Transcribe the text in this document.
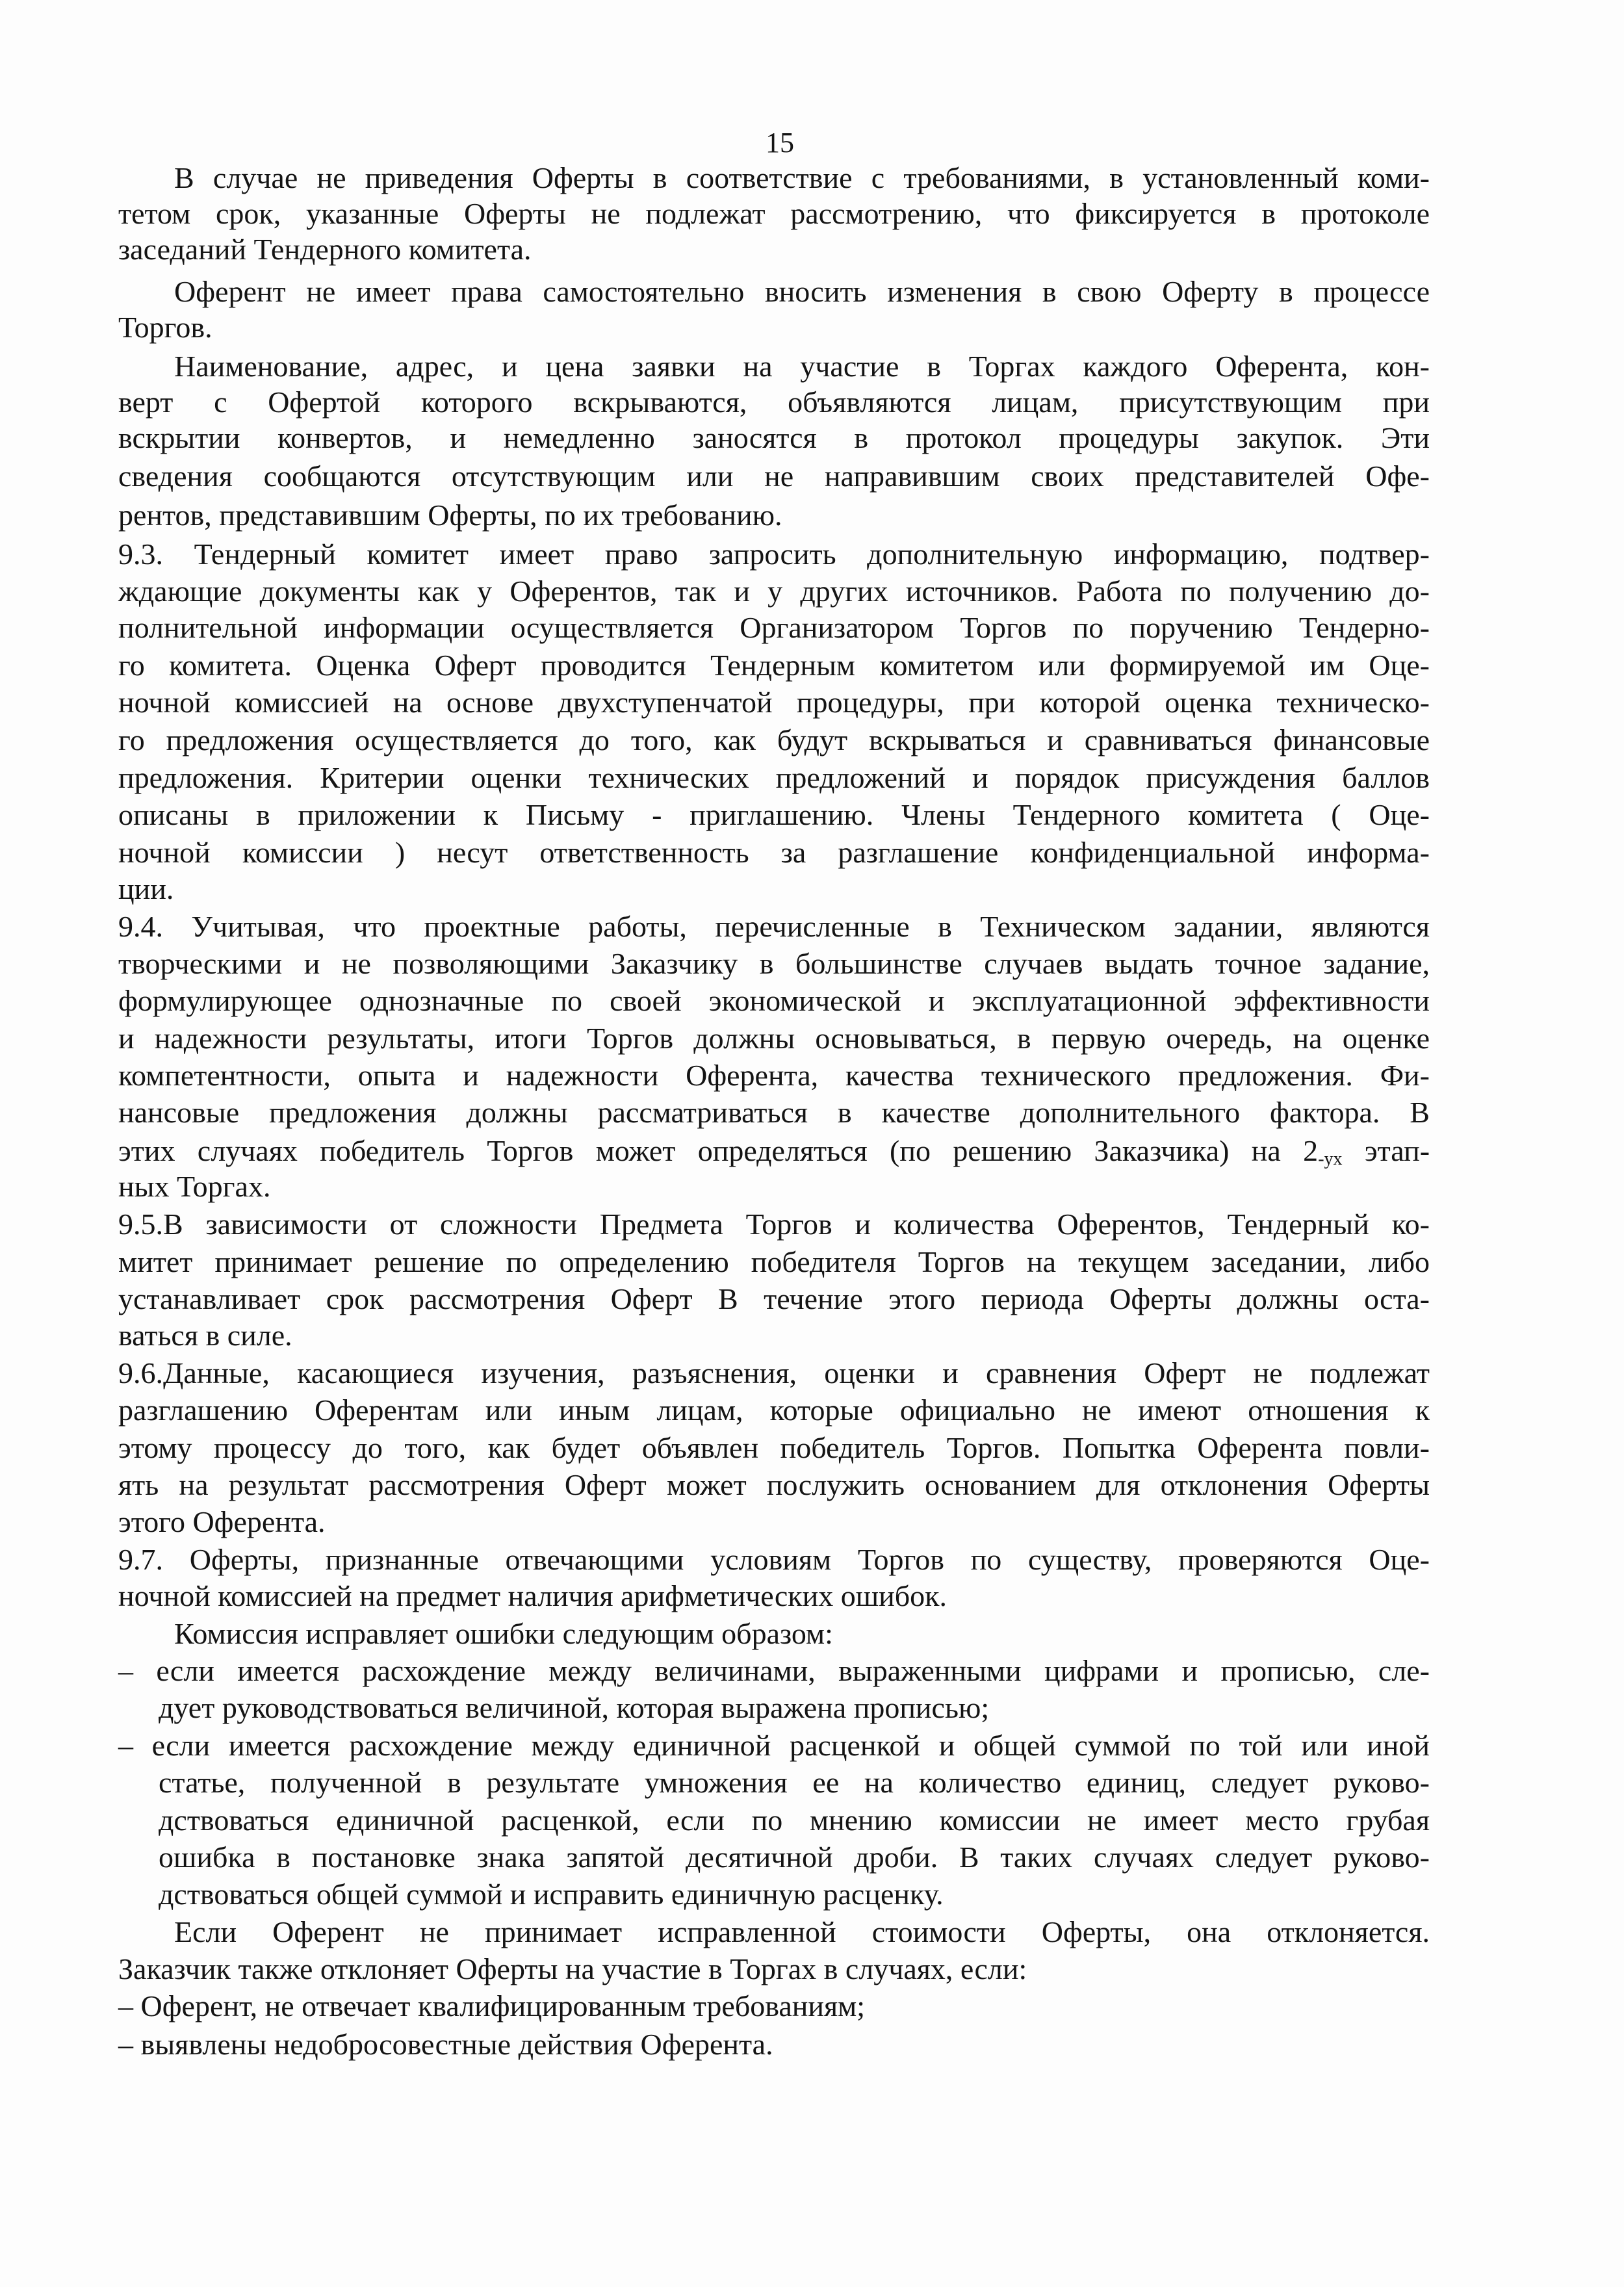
15
В случае не приведения Оферты в соответствие с требованиями, в установленный коми-
тетом срок, указанные Оферты не подлежат рассмотрению, что фиксируется в протоколе
заседаний Тендерного комитета.
Оферент не имеет права самостоятельно вносить изменения в свою Оферту в процессе
Торгов.
Наименование, адрес, и цена заявки на участие в Торгах каждого Оферента, кон-
верт с Офертой которого вскрываются, объявляются лицам, присутствующим при
вскрытии конвертов, и немедленно заносятся в протокол процедуры закупок. Эти
сведения сообщаются отсутствующим или не направившим своих представителей Офе-
рентов, представившим Оферты, по их требованию.
9.3. Тендерный комитет имеет право запросить дополнительную информацию, подтвер-
ждающие документы как у Оферентов, так и у других источников. Работа по получению до-
полнительной информации осуществляется Организатором Торгов по поручению Тендерно-
го комитета. Оценка Оферт проводится Тендерным комитетом или формируемой им Оце-
ночной комиссией на основе двухступенчатой процедуры, при которой оценка техническо-
го предложения осуществляется до того, как будут вскрываться и сравниваться финансовые
предложения. Критерии оценки технических предложений и порядок присуждения баллов
описаны в приложении к Письму - приглашению. Члены Тендерного комитета ( Оце-
ночной комиссии ) несут ответственность за разглашение конфиденциальной информа-
ции.
9.4. Учитывая, что проектные работы, перечисленные в Техническом задании, являются
творческими и не позволяющими Заказчику в большинстве случаев выдать точное задание,
формулирующее однозначные по своей экономической и эксплуатационной эффективности
и надежности результаты, итоги Торгов должны основываться, в первую очередь, на оценке
компетентности, опыта и надежности Оферента, качества технического предложения. Фи-
нансовые предложения должны рассматриваться в качестве дополнительного фактора. В
этих случаях победитель Торгов может определяться (по решению Заказчика) на $2_{-ух}$ этап-
ных Торгах.
9.5.В зависимости от сложности Предмета Торгов и количества Оферентов, Тендерный ко-
митет принимает решение по определению победителя Торгов на текущем заседании, либо
устанавливает срок рассмотрения Оферт В течение этого периода Оферты должны оста-
ваться в силе.
9.6.Данные, касающиеся изучения, разъяснения, оценки и сравнения Оферт не подлежат
разглашению Оферентам или иным лицам, которые официально не имеют отношения к
этому процессу до того, как будет объявлен победитель Торгов. Попытка Оферента повли-
ять на результат рассмотрения Оферт может послужить основанием для отклонения Оферты
этого Оферента.
9.7. Оферты, признанные отвечающими условиям Торгов по существу, проверяются Оце-
ночной комиссией на предмет наличия арифметических ошибок.
Комиссия исправляет ошибки следующим образом:
– если имеется расхождение между величинами, выраженными цифрами и прописью, сле-
дует руководствоваться величиной, которая выражена прописью;
– если имеется расхождение между единичной расценкой и общей суммой по той или иной
статье, полученной в результате умножения ее на количество единиц, следует руково-
дствоваться единичной расценкой, если по мнению комиссии не имеет место грубая
ошибка в постановке знака запятой десятичной дроби. В таких случаях следует руково-
дствоваться общей суммой и исправить единичную расценку.
Если Оферент не принимает исправленной стоимости Оферты, она отклоняется.
Заказчик также отклоняет Оферты на участие в Торгах в случаях, если:
– Оферент, не отвечает квалифицированным требованиям;
– выявлены недобросовестные действия Оферента.
